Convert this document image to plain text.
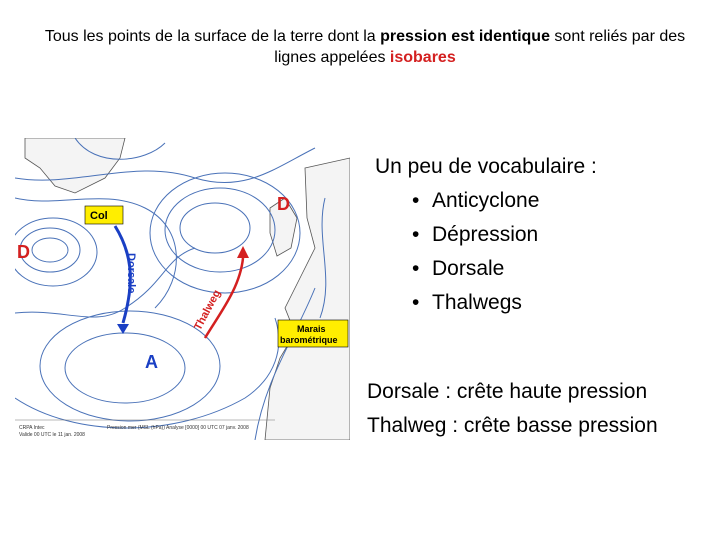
Tous les points de la surface de la terre dont la pression est identique sont reliés par des lignes appelées isobares
Dorsale
Thalweg
Col
Marais
barométrique
D
D
A
CRPA Intec
Valide 00 UTC le 11 jan. 2008
Pression mer (MSL (hPa)) Analyse [0000] 00 UTC 07 janv. 2008
Un peu de vocabulaire :
• Anticyclone
• Dépression
• Dorsale
• Thalwegs
Dorsale : crête haute pression
Thalweg : crête basse pression
